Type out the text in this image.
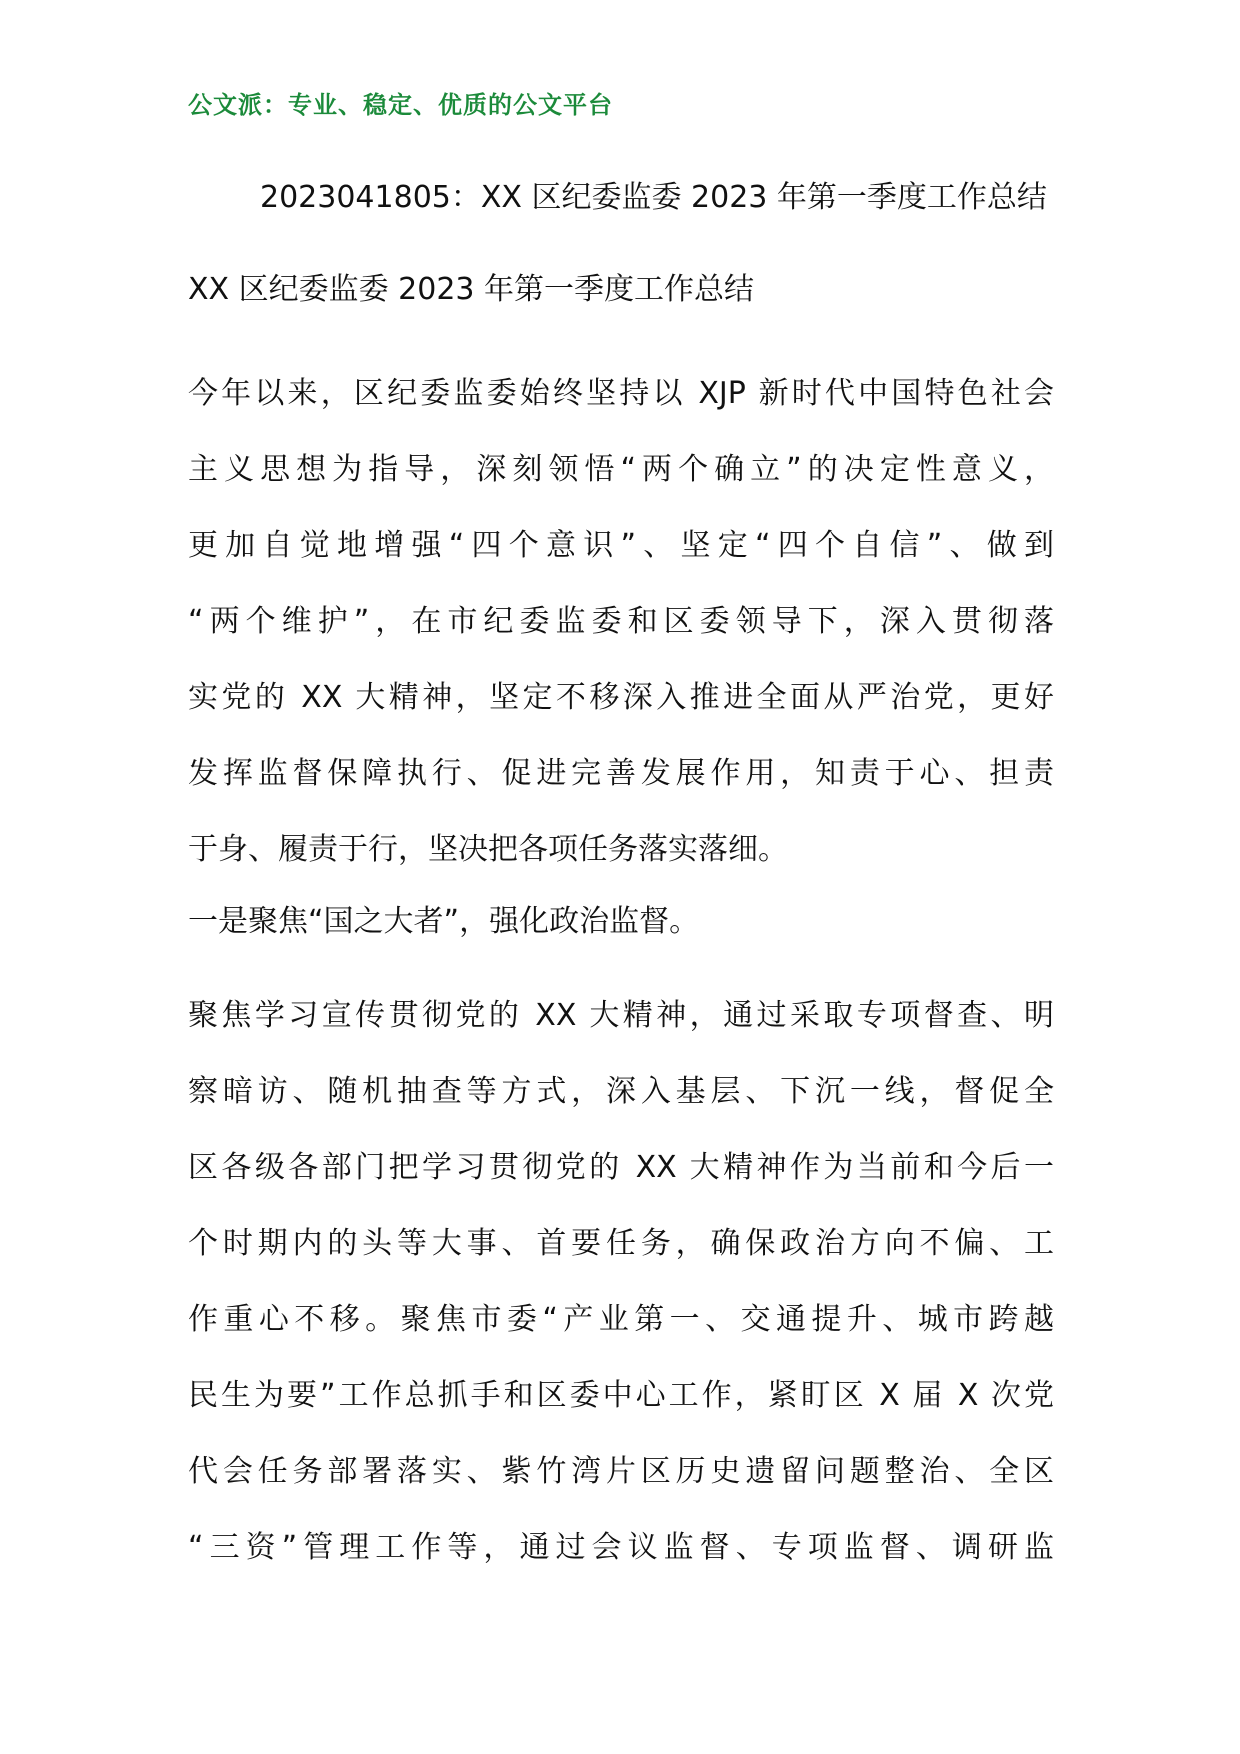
公文派：专业、稳定、优质的公文平台
2023041805：XX 区纪委监委 2023 年第一季度工作总结
XX 区纪委监委 2023 年第一季度工作总结
今年以来，区纪委监委始终坚持以 XJP 新时代中国特色社会
主义思想为指导，深刻领悟“两个确立”的决定性意义，
更加自觉地增强“四个意识”、坚定“四个自信”、做到
“两个维护”，在市纪委监委和区委领导下，深入贯彻落
实党的 XX 大精神，坚定不移深入推进全面从严治党，更好
发挥监督保障执行、促进完善发展作用，知责于心、担责
于身、履责于行，坚决把各项任务落实落细。
一是聚焦“国之大者”，强化政治监督。
聚焦学习宣传贯彻党的 XX 大精神，通过采取专项督查、明
察暗访、随机抽查等方式，深入基层、下沉一线，督促全
区各级各部门把学习贯彻党的 XX 大精神作为当前和今后一
个时期内的头等大事、首要任务，确保政治方向不偏、工
作重心不移。聚焦市委“产业第一、交通提升、城市跨越
民生为要”工作总抓手和区委中心工作，紧盯区 X 届 X 次党
代会任务部署落实、紫竹湾片区历史遗留问题整治、全区
“三资”管理工作等，通过会议监督、专项监督、调研监
